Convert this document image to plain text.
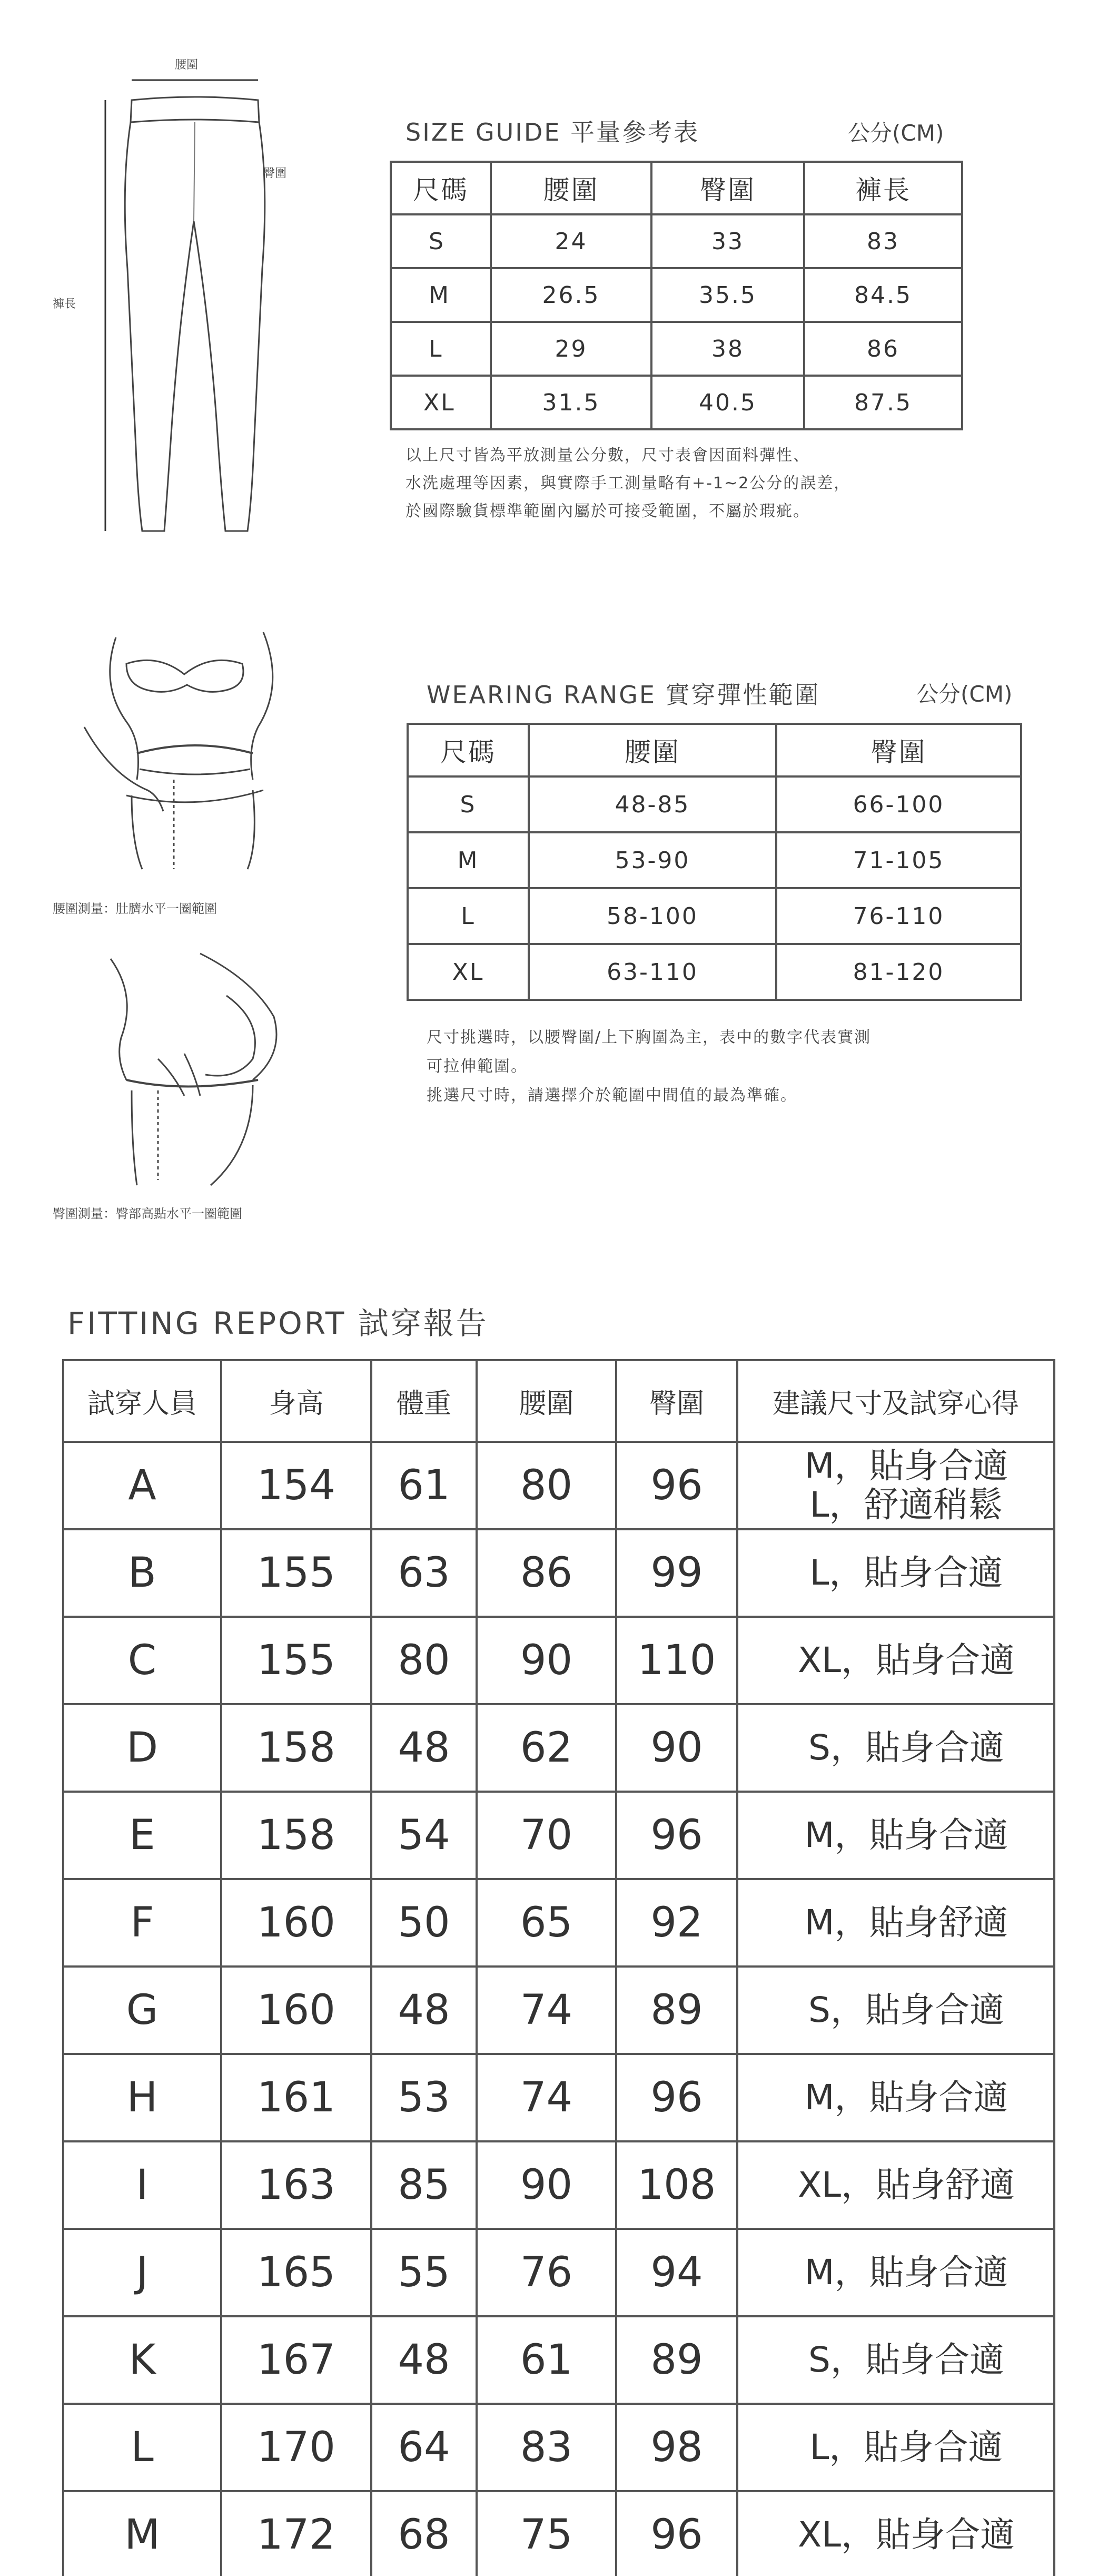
腰圍
臀圍
褲長
SIZE GUIDE 平量參考表	公分(CM)
尺碼	腰圍	臀圍	褲長
S	24	33	83
M	26.5	35.5	84.5
L	29	38	86
XL	31.5	40.5	87.5
以上尺寸皆為平放測量公分數，尺寸表會因面料彈性、
水洗處理等因素，與實際手工測量略有+-1~2公分的誤差，
於國際驗貨標準範圍內屬於可接受範圍，不屬於瑕疵。
腰圍測量：肚臍水平一圈範圍
臀圍測量：臀部高點水平一圈範圍
WEARING RANGE 實穿彈性範圍	公分(CM)
尺碼	腰圍	臀圍
S	48-85	66-100
M	53-90	71-105
L	58-100	76-110
XL	63-110	81-120
尺寸挑選時，以腰臀圍/上下胸圍為主，表中的數字代表實測
可拉伸範圍。
挑選尺寸時，請選擇介於範圍中間值的最為準確。
FITTING REPORT 試穿報告
試穿人員	身高	體重	腰圍	臀圍	建議尺寸及試穿心得
A	154	61	80	96	M，貼身合適
L，舒適稍鬆

B	155	63	86	99	L，貼身合適

C	155	80	90	110	XL，貼身合適

D	158	48	62	90	S，貼身合適

E	158	54	70	96	M，貼身合適

F	160	50	65	92	M，貼身舒適

G	160	48	74	89	S，貼身合適

H	161	53	74	96	M，貼身合適

I	163	85	90	108	XL，貼身舒適

J	165	55	76	94	M，貼身合適

K	167	48	61	89	S，貼身合適

L	170	64	83	98	L，貼身合適

M	172	68	75	96	XL，貼身合適
